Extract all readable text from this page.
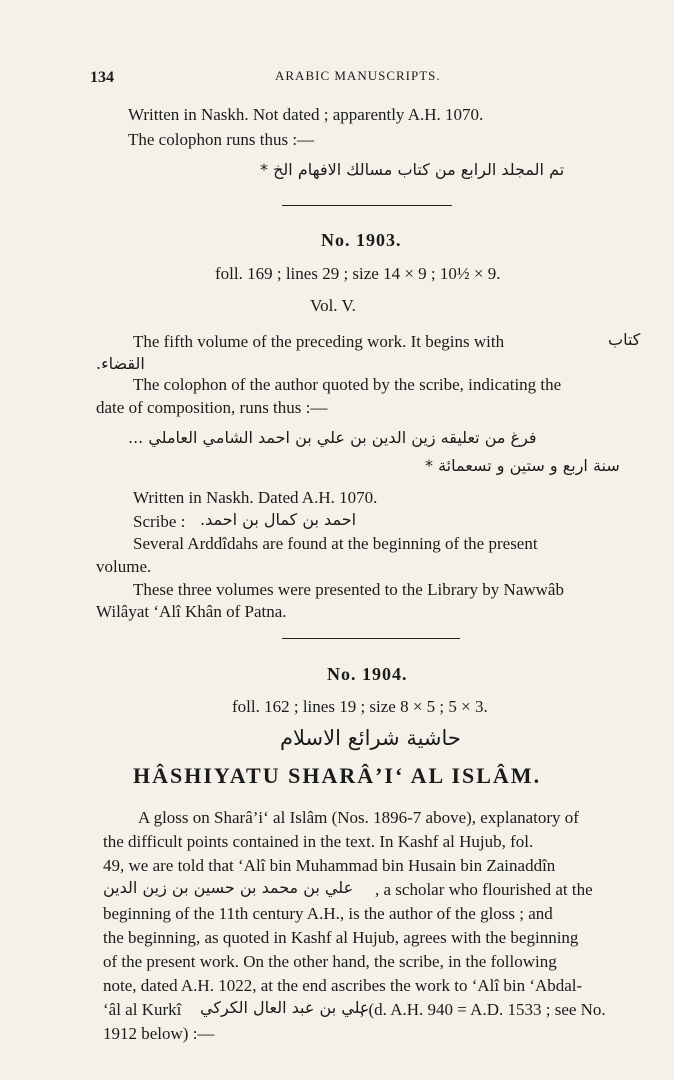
134	ARABIC MANUSCRIPTS.
Written in Naskh. Not dated ; apparently A.H. 1070.
The colophon runs thus :—
تم المجلد الرابع من كتاب مسالك الافهام الخ *
No. 1903.
foll. 169 ; lines 29 ; size 14 × 9 ; 10½ × 9.
Vol. V.
The fifth volume of the preceding work. It begins with	كتاب
القضاء.
The colophon of the author quoted by the scribe, indicating the
date of composition, runs thus :—
فرغ من تعليقه زين الدين بن علي بن احمد الشامي العاملي ...
سنة اربع و ستين و تسعمائة *
Written in Naskh. Dated A.H. 1070.
Scribe : احمد بن كمال بن احمد.
Several Arddîdahs are found at the beginning of the present
volume.
These three volumes were presented to the Library by Nawwâb
Wilâyat ‘Alî Khân of Patna.
No. 1904.
foll. 162 ; lines 19 ; size 8 × 5 ; 5 × 3.
حاشية شرائع الاسلام
HÂSHIYATU SHARÂ’I‘ AL ISLÂM.
A gloss on Sharâ’i‘ al Islâm (Nos. 1896-7 above), explanatory of
the difficult points contained in the text. In Kashf al Hujub, fol.
49, we are told that ‘Alî bin Muhammad bin Husain bin Zainaddîn
علي بن محمد بن حسين بن زين الدين , a scholar who flourished at the
beginning of the 11th century A.H., is the author of the gloss ; and
the beginning, as quoted in Kashf al Hujub, agrees with the beginning
of the present work. On the other hand, the scribe, in the following
note, dated A.H. 1022, at the end ascribes the work to ‘Alî bin ‘Abdal-
‘âl al Kurkî علي بن عبد العال الكركي
, (d. A.H. 940 = A.D. 1533 ; see No.
1912 below) :—
